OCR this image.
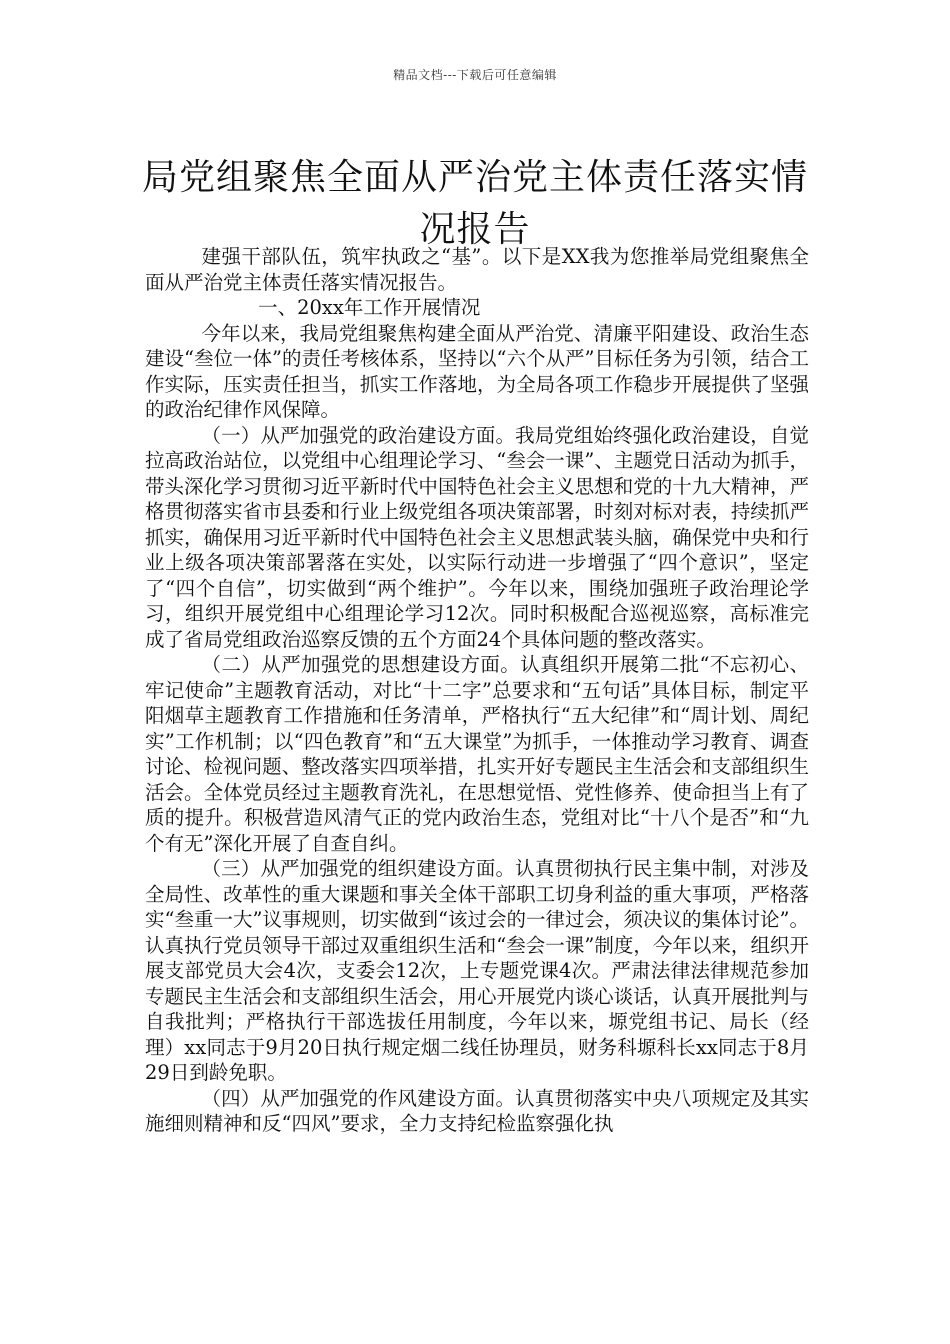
精品文档---下载后可任意编辑
局党组聚焦全面从严治党主体责任落实情况报告

建强干部队伍，筑牢执政之“基”。以下是XX我为您推举局党组聚焦全面从严治党主体责任落实情况报告。

一、20xx年工作开展情况

今年以来，我局党组聚焦构建全面从严治党、清廉平阳建设、政治生态建设“叁位一体”的责任考核体系，坚持以“六个从严”目标任务为引领，结合工作实际，压实责任担当，抓实工作落地，为全局各项工作稳步开展提供了坚强的政治纪律作风保障。

（一）从严加强党的政治建设方面。我局党组始终强化政治建设，自觉拉高政治站位，以党组中心组理论学习、“叁会一课”、主题党日活动为抓手，带头深化学习贯彻习近平新时代中国特色社会主义思想和党的十九大精神，严格贯彻落实省市县委和行业上级党组各项决策部署，时刻对标对表，持续抓严抓实，确保用习近平新时代中国特色社会主义思想武装头脑，确保党中央和行业上级各项决策部署落在实处，以实际行动进一步增强了“四个意识”，坚定了“四个自信”，切实做到“两个维护”。今年以来，围绕加强班子政治理论学习，组织开展党组中心组理论学习12次。同时积极配合巡视巡察，高标准完成了省局党组政治巡察反馈的五个方面24个具体问题的整改落实。

（二）从严加强党的思想建设方面。认真组织开展第二批“不忘初心、牢记使命”主题教育活动，对比“十二字”总要求和“五句话”具体目标，制定平阳烟草主题教育工作措施和任务清单，严格执行“五大纪律”和“周计划、周纪实”工作机制；以“四色教育”和“五大课堂”为抓手，一体推动学习教育、调查讨论、检视问题、整改落实四项举措，扎实开好专题民主生活会和支部组织生活会。全体党员经过主题教育洗礼，在思想觉悟、党性修养、使命担当上有了质的提升。积极营造风清气正的党内政治生态，党组对比“十八个是否”和“九个有无”深化开展了自查自纠。

（三）从严加强党的组织建设方面。认真贯彻执行民主集中制，对涉及全局性、改革性的重大课题和事关全体干部职工切身利益的重大事项，严格落实“叁重一大”议事规则，切实做到“该过会的一律过会，须决议的集体讨论”。认真执行党员领导干部过双重组织生活和“叁会一课”制度，今年以来，组织开展支部党员大会4次，支委会12次，上专题党课4次。严肃法律法律规范参加专题民主生活会和支部组织生活会，用心开展党内谈心谈话，认真开展批判与自我批判；严格执行干部选拔任用制度，今年以来，塬党组书记、局长（经理）xx同志于9月20日执行规定烟二线任协理员，财务科塬科长xx同志于8月29日到龄免职。

（四）从严加强党的作风建设方面。认真贯彻落实中央八项规定及其实施细则精神和反“四风”要求，全力支持纪检监察强化执
